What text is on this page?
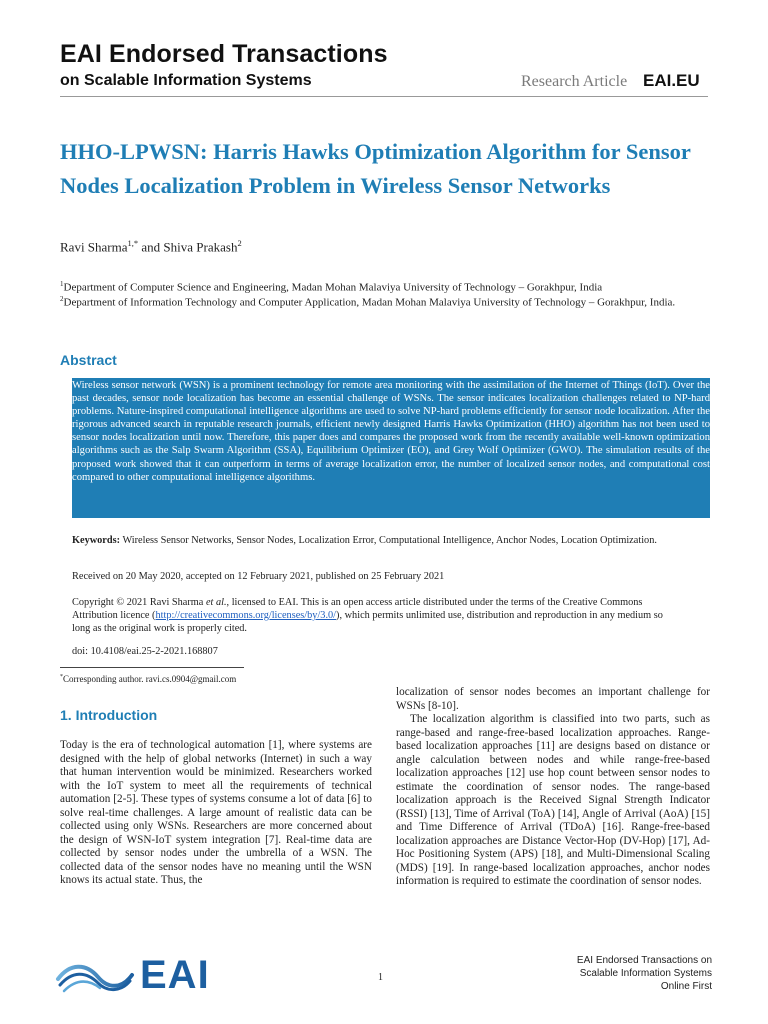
EAI Endorsed Transactions
on Scalable Information Systems	Research Article EAI.EU
HHO-LPWSN: Harris Hawks Optimization Algorithm for Sensor Nodes Localization Problem in Wireless Sensor Networks
Ravi Sharma$^{1,*}$ and Shiva Prakash$^2$
$^1$Department of Computer Science and Engineering, Madan Mohan Malaviya University of Technology – Gorakhpur, India
$^2$Department of Information Technology and Computer Application, Madan Mohan Malaviya University of Technology – Gorakhpur, India.
Abstract
Wireless sensor network (WSN) is a prominent technology for remote area monitoring with the assimilation of the Internet of Things (IoT). Over the past decades, sensor node localization has become an essential challenge of WSNs. The sensor indicates localization challenges related to NP-hard problems. Nature-inspired computational intelligence algorithms are used to solve NP-hard problems efficiently for sensor node localization. After the rigorous advanced search in reputable research journals, efficient newly designed Harris Hawks Optimization (HHO) algorithm has not been used to sensor nodes localization until now. Therefore, this paper does and compares the proposed work from the recently available well-known optimization algorithms such as the Salp Swarm Algorithm (SSA), Equilibrium Optimizer (EO), and Grey Wolf Optimizer (GWO). The simulation results of the proposed work showed that it can outperform in terms of average localization error, the number of localized sensor nodes, and computational cost compared to other computational intelligence algorithms.
Keywords: Wireless Sensor Networks, Sensor Nodes, Localization Error, Computational Intelligence, Anchor Nodes, Location Optimization.
Received on 20 May 2020, accepted on 12 February 2021, published on 25 February 2021
Copyright © 2021 Ravi Sharma et al., licensed to EAI. This is an open access article distributed under the terms of the Creative Commons Attribution licence (http://creativecommons.org/licenses/by/3.0/), which permits unlimited use, distribution and reproduction in any medium so long as the original work is properly cited.
doi: 10.4108/eai.25-2-2021.168807
*Corresponding author. ravi.cs.0904@gmail.com
1. Introduction
Today is the era of technological automation [1], where systems are designed with the help of global networks (Internet) in such a way that human intervention would be minimized. Researchers worked with the IoT system to meet all the requirements of technical automation [2-5]. These types of systems consume a lot of data [6] to solve real-time challenges. A large amount of realistic data can be collected using only WSNs. Researchers are more concerned about the design of WSN-IoT system integration [7]. Real-time data are collected by sensor nodes under the umbrella of a WSN. The collected data of the sensor nodes have no meaning until the WSN knows its actual state. Thus, the
localization of sensor nodes becomes an important challenge for WSNs [8-10].
The localization algorithm is classified into two parts, such as range-based and range-free-based localization approaches. Range-based localization approaches [11] are designs based on distance or angle calculation between nodes and while range-free-based localization approaches [12] use hop count between sensor nodes to estimate the coordination of sensor nodes. The range-based localization approach is the Received Signal Strength Indicator (RSSI) [13], Time of Arrival (ToA) [14], Angle of Arrival (AoA) [15] and Time Difference of Arrival (TDoA) [16]. Range-free-based localization approaches are Distance Vector-Hop (DV-Hop) [17], Ad-Hoc Positioning System (APS) [18], and Multi-Dimensional Scaling (MDS) [19]. In range-based localization approaches, anchor nodes information is required to estimate the coordination of sensor nodes.
EAI	1
EAI Endorsed Transactions on
Scalable Information Systems
Online First
